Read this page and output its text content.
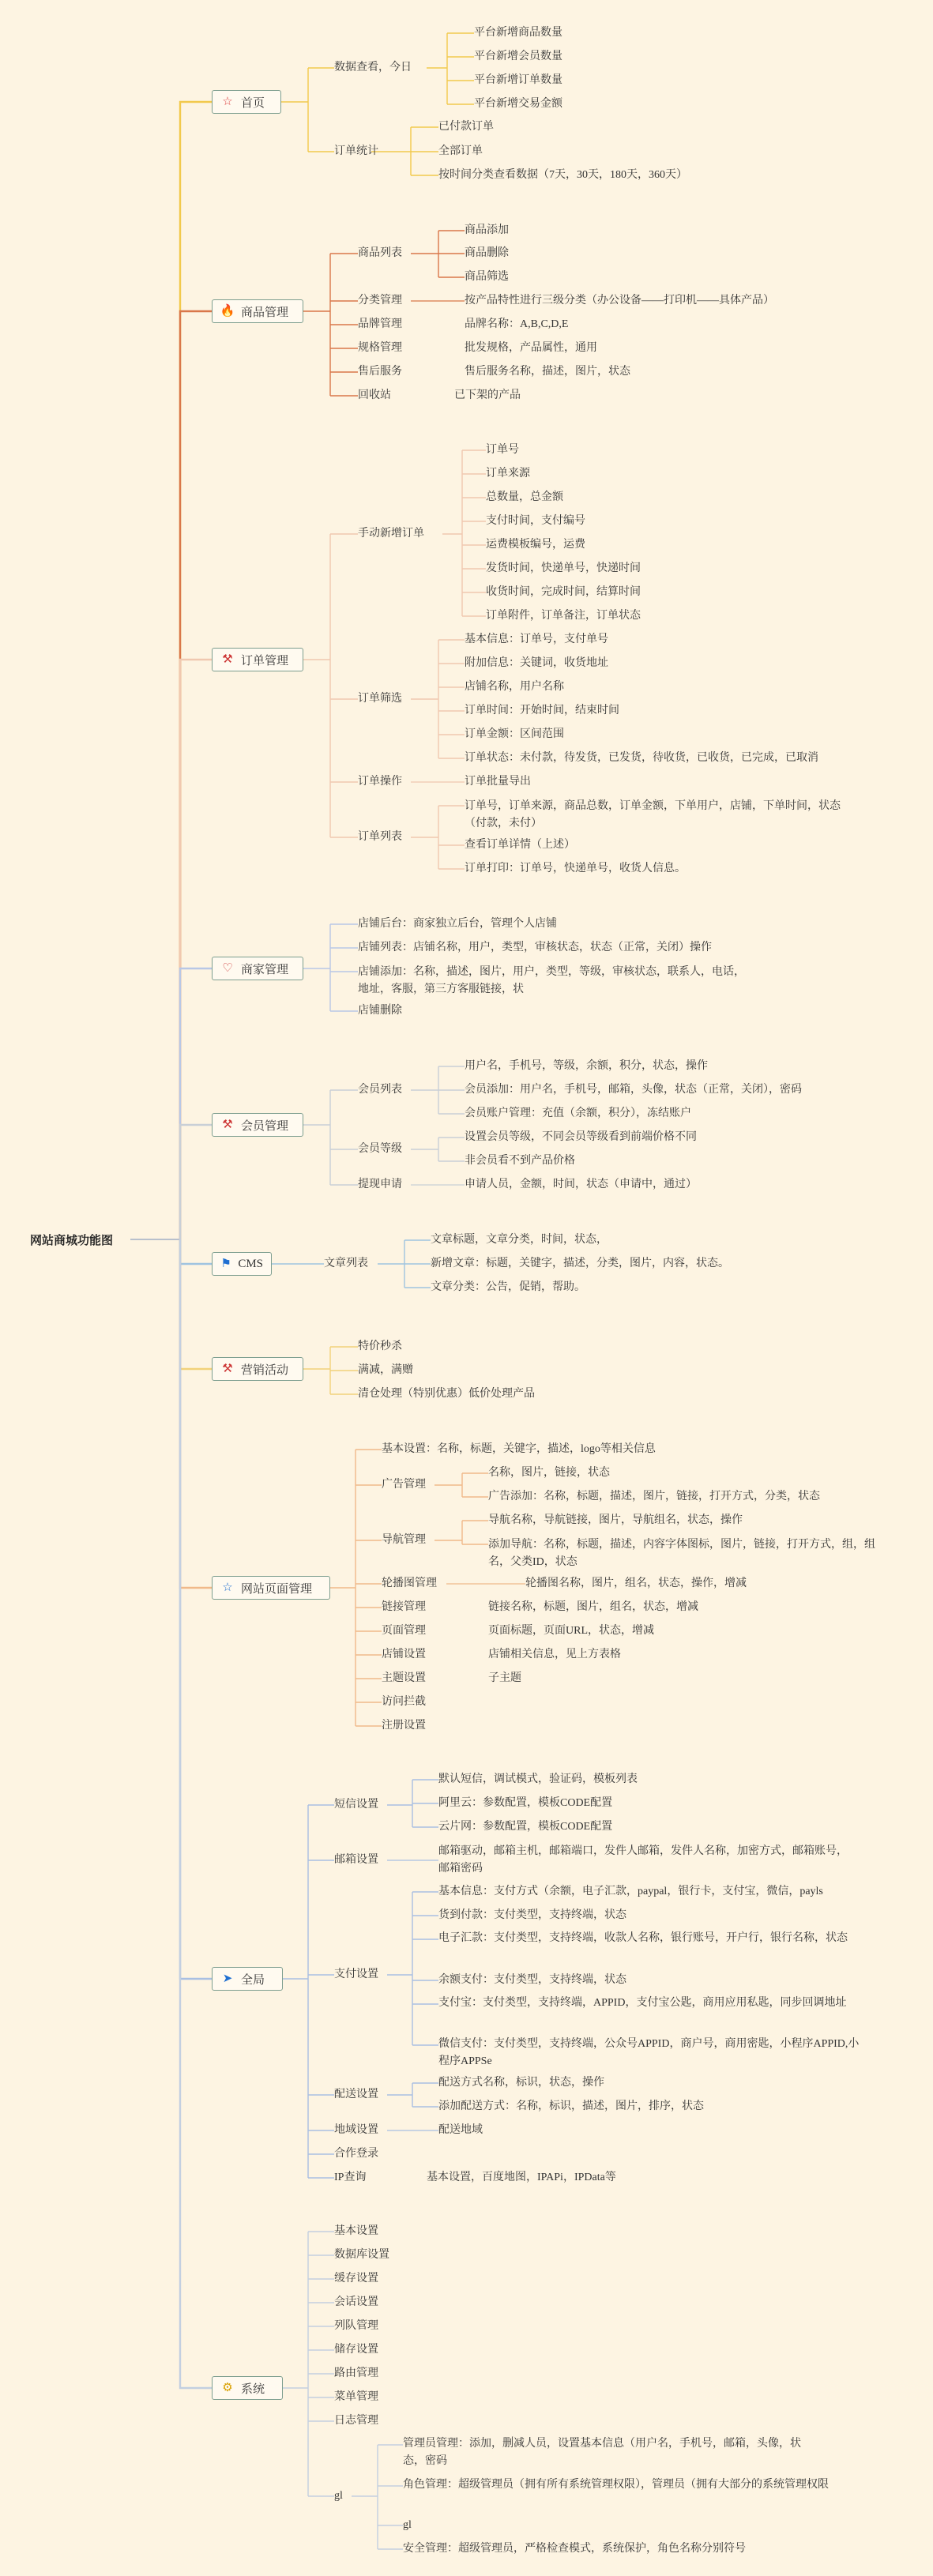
网站商城功能图
☆ 首页
数据查看，今日
平台新增商品数量
平台新增会员数量
平台新增订单数量
平台新增交易金额
订单统计
已付款订单
全部订单
按时间分类查看数据（7天，30天，180天，360天）
🔥 商品管理
商品列表
商品添加
商品删除
商品筛选
分类管理	按产品特性进行三级分类（办公设备——打印机——具体产品）
品牌管理	品牌名称：A,B,C,D,E
规格管理	批发规格，产品属性，通用
售后服务	售后服务名称，描述，图片，状态
回收站	已下架的产品
⚒ 订单管理
手动新增订单
订单号
订单来源
总数量，总金额
支付时间，支付编号
运费模板编号，运费
发货时间，快递单号，快递时间
收货时间，完成时间，结算时间
订单附件，订单备注，订单状态
订单筛选
基本信息：订单号，支付单号
附加信息：关键词，收货地址
店铺名称，用户名称
订单时间：开始时间，结束时间
订单金额：区间范围
订单状态：未付款，待发货，已发货，待收货，已收货，已完成，已取消
订单操作	订单批量导出
订单列表
订单号，订单来源，商品总数，订单金额，下单用户，店铺，下单时间，状态（付款，未付）
查看订单详情（上述）
订单打印：订单号，快递单号，收货人信息。
♡ 商家管理
店铺后台：商家独立后台，管理个人店铺
店铺列表：店铺名称，用户，类型，审核状态，状态（正常，关闭）操作
店铺添加：名称，描述，图片，用户，类型，等级，审核状态，联系人，电话，地址，客服，第三方客服链接，状
店铺删除
⚒ 会员管理
会员列表
用户名，手机号，等级，余额，积分，状态，操作
会员添加：用户名，手机号，邮箱，头像，状态（正常，关闭），密码
会员账户管理：充值（余额，积分），冻结账户
会员等级
设置会员等级，不同会员等级看到前端价格不同
非会员看不到产品价格
提现申请	申请人员，金额，时间，状态（申请中，通过）
⚑ CMS	文章列表
文章标题，文章分类，时间，状态，
新增文章：标题，关键字，描述，分类，图片，内容，状态。
文章分类：公告，促销，帮助。
⚒ 营销活动
特价秒杀
满减，满赠
清仓处理（特别优惠）低价处理产品
☆ 网站页面管理
基本设置：名称，标题，关键字，描述，logo等相关信息
广告管理
名称，图片，链接，状态
广告添加：名称，标题，描述，图片，链接，打开方式，分类，状态
导航管理
导航名称，导航链接，图片，导航组名，状态，操作
添加导航：名称，标题，描述，内容字体图标，图片，链接，打开方式，组，组名，父类ID，状态
轮播图管理	轮播图名称，图片，组名，状态，操作，增减
链接管理	链接名称，标题，图片，组名，状态，增减
页面管理	页面标题，页面URL，状态，增减
店铺设置	店铺相关信息，见上方表格
主题设置	子主题
访问拦截
注册设置
➤ 全局
短信设置
默认短信，调试模式，验证码，模板列表
阿里云：参数配置，模板CODE配置
云片网：参数配置，模板CODE配置
邮箱设置
邮箱驱动，邮箱主机，邮箱端口，发件人邮箱，发件人名称，加密方式，邮箱账号，邮箱密码
支付设置
基本信息：支付方式（余额，电子汇款，paypal，银行卡，支付宝，微信，payls
货到付款：支付类型，支持终端，状态
电子汇款：支付类型，支持终端，收款人名称，银行账号，开户行，银行名称，状态
余额支付：支付类型，支持终端，状态
支付宝：支付类型，支持终端，APPID，支付宝公匙，商用应用私匙，同步回调地址
微信支付：支付类型，支持终端，公众号APPID，商户号，商用密匙，小程序APPID,小程序APPSe
配送设置
配送方式名称，标识，状态，操作
添加配送方式：名称，标识，描述，图片，排序，状态
地域设置	配送地域
合作登录
IP查询	基本设置，百度地图，IPAPi，IPData等
⚙ 系统
基本设置
数据库设置
缓存设置
会话设置
列队管理
储存设置
路由管理
菜单管理
日志管理
gl
管理员管理：添加，删减人员，设置基本信息（用户名，手机号，邮箱，头像，状态，密码
角色管理：超级管理员（拥有所有系统管理权限），管理员（拥有大部分的系统管理权限
gl
安全管理：超级管理员，严格检查模式，系统保护，角色名称分别符号
